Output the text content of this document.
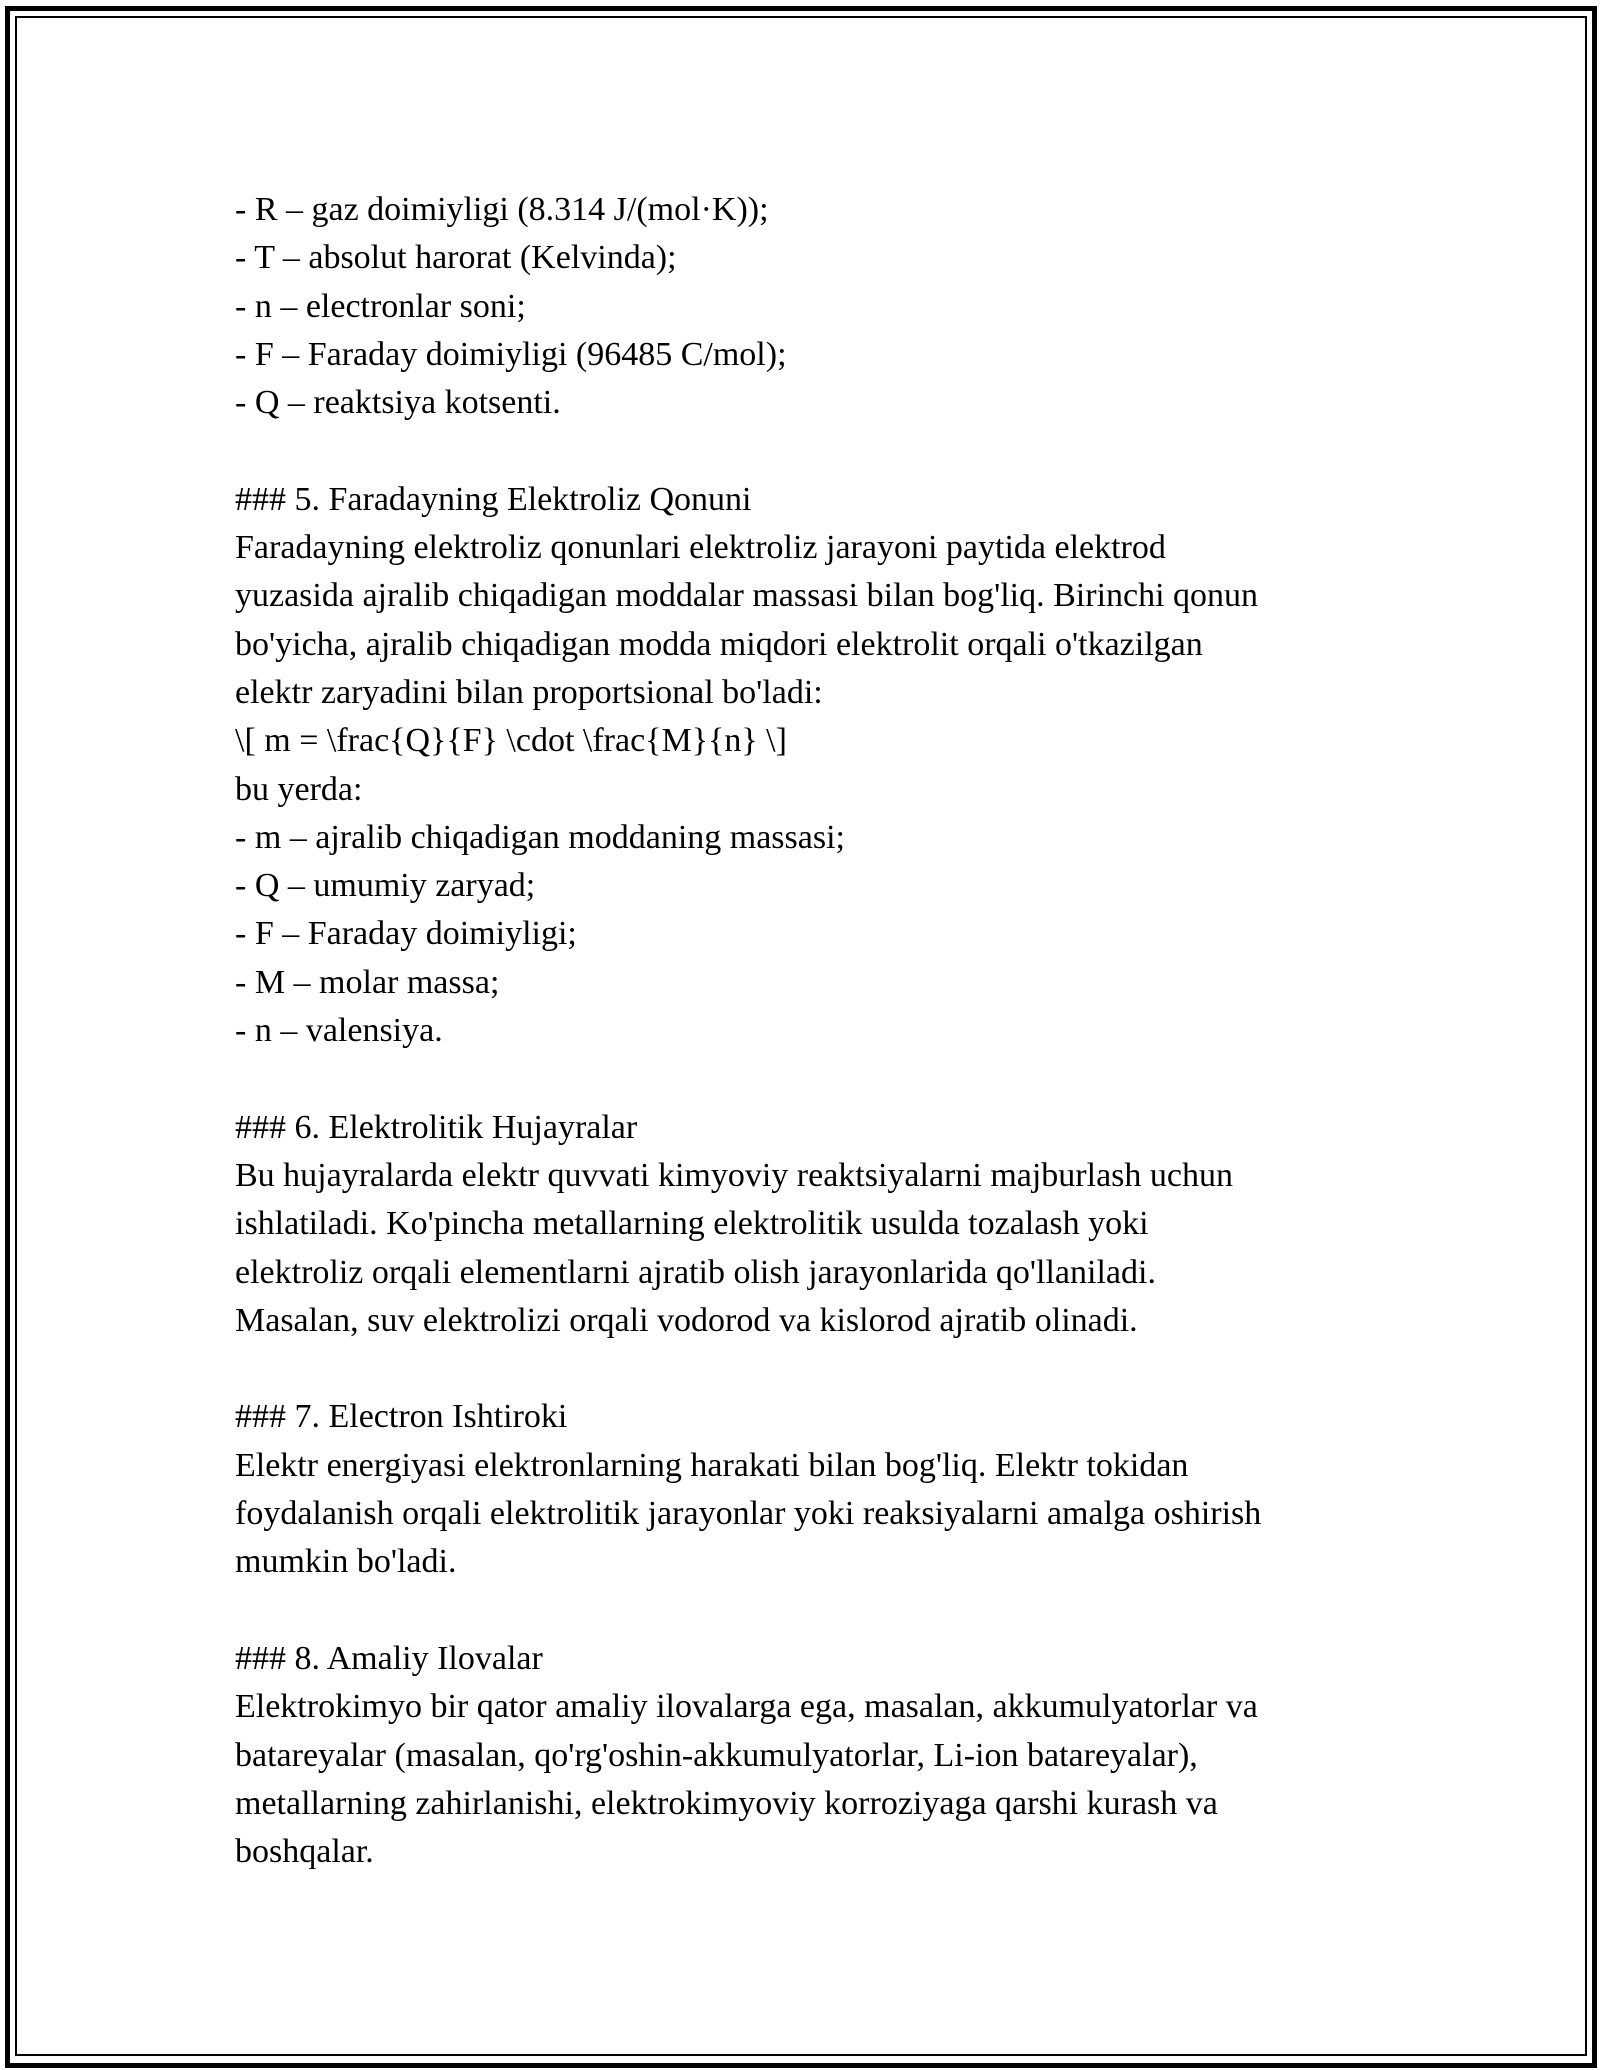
- R – gaz doimiyligi (8.314 J/(mol·K));
- T – absolut harorat (Kelvinda);
- n – electronlar soni;
- F – Faraday doimiyligi (96485 C/mol);
- Q – reaktsiya kotsenti.
### 5. Faradayning Elektroliz Qonuni
Faradayning elektroliz qonunlari elektroliz jarayoni paytida elektrod
yuzasida ajralib chiqadigan moddalar massasi bilan bog'liq. Birinchi qonun
bo'yicha, ajralib chiqadigan modda miqdori elektrolit orqali o'tkazilgan
elektr zaryadini bilan proportsional bo'ladi:
\[ m = \frac{Q}{F} \cdot \frac{M}{n} \]
bu yerda:
- m – ajralib chiqadigan moddaning massasi;
- Q – umumiy zaryad;
- F – Faraday doimiyligi;
- M – molar massa;
- n – valensiya.
### 6. Elektrolitik Hujayralar
Bu hujayralarda elektr quvvati kimyoviy reaktsiyalarni majburlash uchun
ishlatiladi. Ko'pincha metallarning elektrolitik usulda tozalash yoki
elektroliz orqali elementlarni ajratib olish jarayonlarida qo'llaniladi.
Masalan, suv elektrolizi orqali vodorod va kislorod ajratib olinadi.
### 7. Electron Ishtiroki
Elektr energiyasi elektronlarning harakati bilan bog'liq. Elektr tokidan
foydalanish orqali elektrolitik jarayonlar yoki reaksiyalarni amalga oshirish
mumkin bo'ladi.
### 8. Amaliy Ilovalar
Elektrokimyo bir qator amaliy ilovalarga ega, masalan, akkumulyatorlar va
batareyalar (masalan, qo'rg'oshin-akkumulyatorlar, Li-ion batareyalar),
metallarning zahirlanishi, elektrokimyoviy korroziyaga qarshi kurash va
boshqalar.
